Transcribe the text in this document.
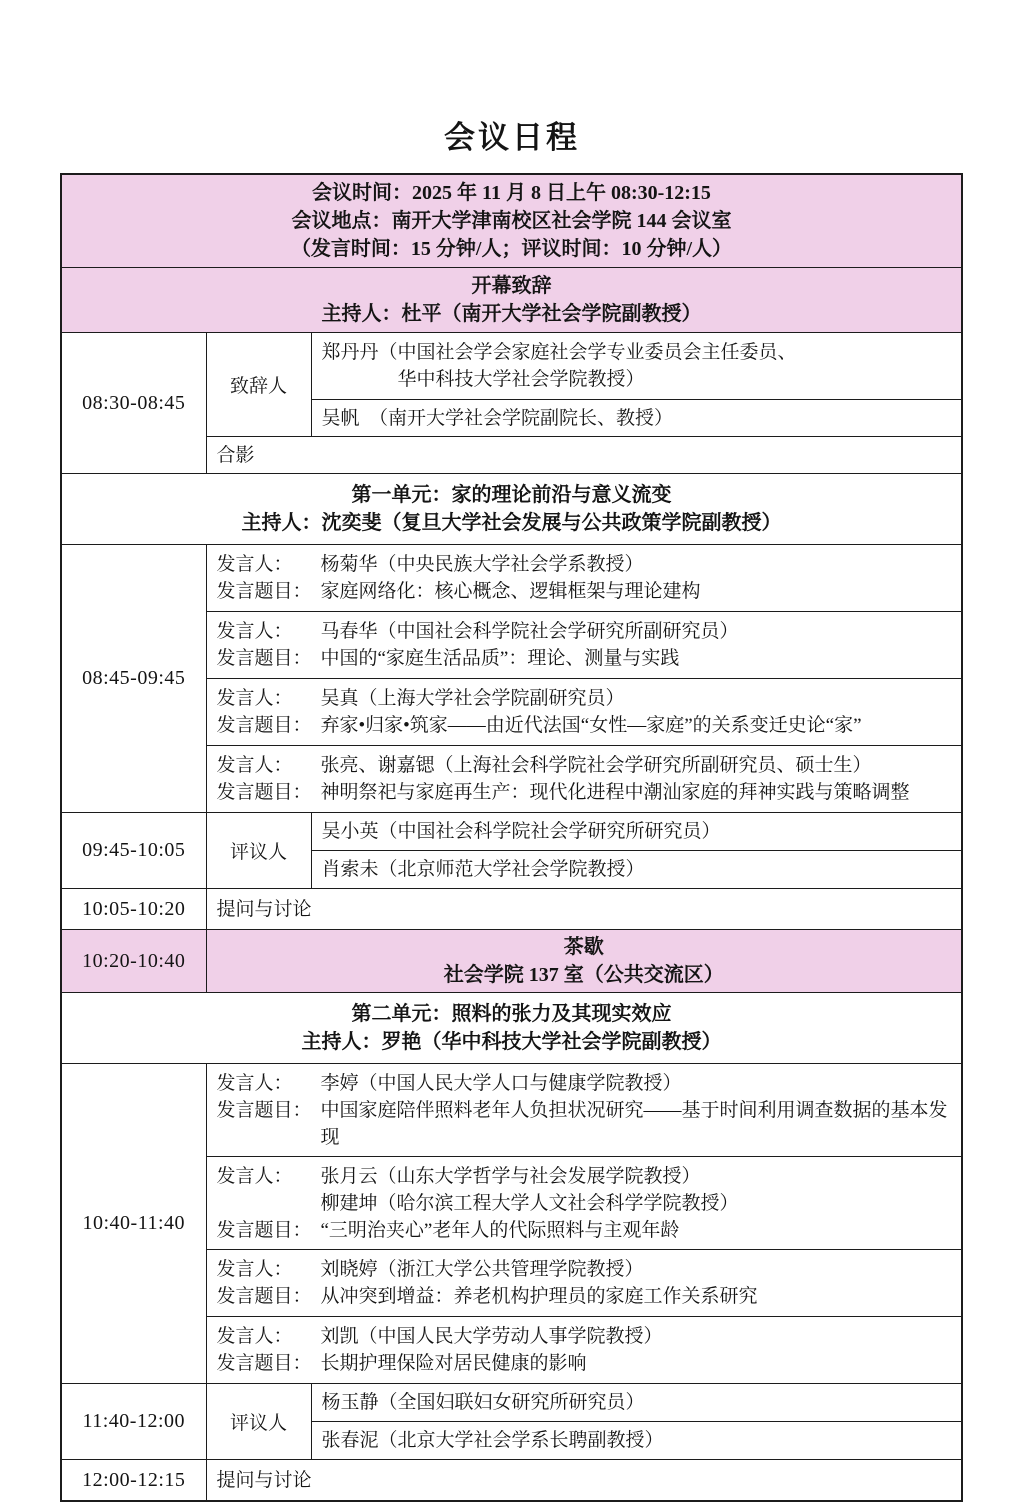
会议日程
会议时间：2025 年 11 月 8 日上午 08:30-12:15
会议地点：南开大学津南校区社会学院 144 会议室
（发言时间：15 分钟/人；评议时间：10 分钟/人）		

开幕致辞
主持人：杜平（南开大学社会学院副教授）		

08:30-08:45	致辞人	郑丹丹（中国社会学会家庭社会学专业委员会主任委员、
华中科技大学社会学院教授）

		吴帆　（南开大学社会学院副院长、教授）
	合影	

第一单元：家的理论前沿与意义流变
主持人：沈奕斐（复旦大学社会发展与公共政策学院副教授）		

08:45-09:45	发言人： 杨菊华（中央民族大学社会学系教授）
发言题目： 家庭网络化：核心概念、逻辑框架与理论建构	

	发言人： 马春华（中国社会科学院社会学研究所副研究员）
发言题目： 中国的“家庭生活品质”：理论、测量与实践	

	发言人： 吴真（上海大学社会学院副研究员）
发言题目： 弃家•归家•筑家——由近代法国“女性—家庭”的关系变迁史论“家”	

	发言人： 张亮、谢嘉锶（上海社会科学院社会学研究所副研究员、硕士生）
发言题目： 神明祭祀与家庭再生产：现代化进程中潮汕家庭的拜神实践与策略调整	

09:45-10:05	评议人	吴小英（中国社会科学院社会学研究所研究员）
		肖索未（北京师范大学社会学院教授）
10:05-10:20	提问与讨论	
10:20-10:40	茶歇
社会学院 137 室（公共交流区）	

第二单元：照料的张力及其现实效应
主持人：罗艳（华中科技大学社会学院副教授）		

10:40-11:40	发言人： 李婷（中国人民大学人口与健康学院教授）
发言题目： 中国家庭陪伴照料老年人负担状况研究——基于时间利用调查数据的基本发现	

	发言人： 张月云（山东大学哲学与社会发展学院教授）
柳建坤（哈尔滨工程大学人文社会科学学院教授）
发言题目： “三明治夹心”老年人的代际照料与主观年龄	

	发言人： 刘晓婷（浙江大学公共管理学院教授）
发言题目： 从冲突到增益：养老机构护理员的家庭工作关系研究	

	发言人： 刘凯（中国人民大学劳动人事学院教授）
发言题目： 长期护理保险对居民健康的影响	

11:40-12:00	评议人	杨玉静（全国妇联妇女研究所研究员）
		张春泥（北京大学社会学系长聘副教授）
12:00-12:15	提问与讨论	
